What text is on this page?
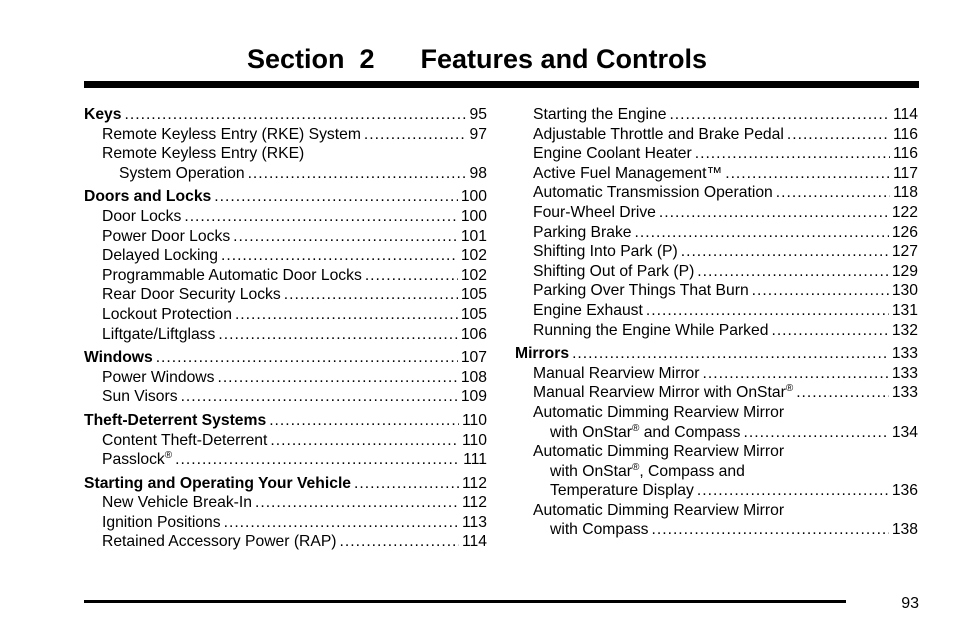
Section  2 Features and Controls
Keys .....	95
Remote Keyless Entry (RKE) System .....	97
Remote Keyless Entry (RKE)
System Operation .....	98
Doors and Locks .....	100
Door Locks .....	100
Power Door Locks .....	101
Delayed Locking .....	102
Programmable Automatic Door Locks .....	102
Rear Door Security Locks .....	105
Lockout Protection .....	105
Liftgate/Liftglass .....	106
Windows .....	107
Power Windows .....	108
Sun Visors .....	109
Theft-Deterrent Systems .....	110
Content Theft-Deterrent .....	110
Passlock® .....	111
Starting and Operating Your Vehicle .....	112
New Vehicle Break-In .....	112
Ignition Positions .....	113
Retained Accessory Power (RAP) .....	114
Starting the Engine .....	114
Adjustable Throttle and Brake Pedal .....	116
Engine Coolant Heater .....	116
Active Fuel Management™ .....	117
Automatic Transmission Operation .....	118
Four-Wheel Drive .....	122
Parking Brake .....	126
Shifting Into Park (P) .....	127
Shifting Out of Park (P) .....	129
Parking Over Things That Burn .....	130
Engine Exhaust .....	131
Running the Engine While Parked .....	132
Mirrors .....	133
Manual Rearview Mirror .....	133
Manual Rearview Mirror with OnStar® .....	133
Automatic Dimming Rearview Mirror
with OnStar® and Compass .....	134
Automatic Dimming Rearview Mirror
with OnStar®, Compass and
Temperature Display .....	136
Automatic Dimming Rearview Mirror
with Compass .....	138
93
